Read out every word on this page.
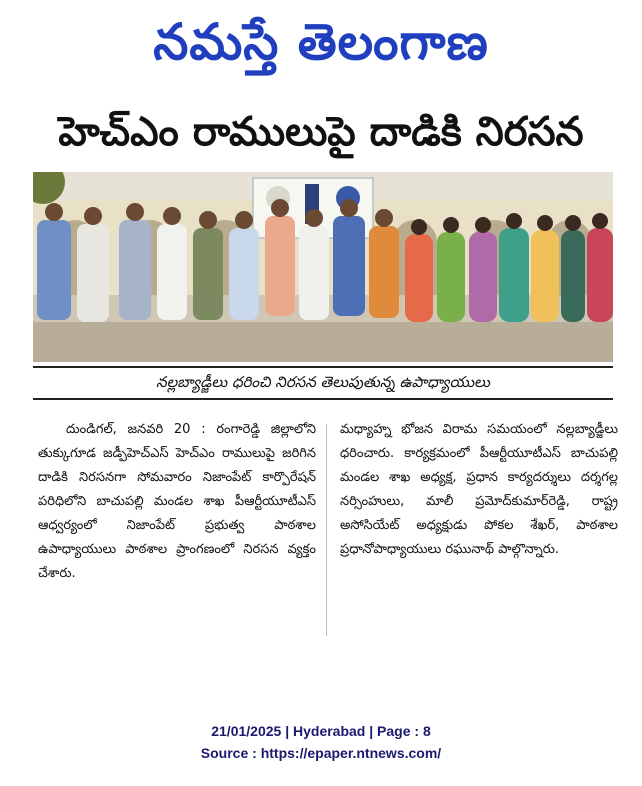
నమస్తే తెలంగాణ
హెచ్‌ఎం రాములుపై దాడికి నిరసన
నల్లబ్యాడ్జీలు ధరించి నిరసన తెలుపుతున్న ఉపాధ్యాయులు

దుండిగల్, జనవరి 20 : రంగారెడ్డి జిల్లాలోని తుక్కుగూడ జడ్పీహెచ్‌ఎస్ హెచ్‌ఎం రాములుపై జరిగిన దాడికి నిరసనగా సోమవారం నిజాంపేట్ కార్పొరేషన్ పరిధిలోని బాచుపల్లి మండల శాఖ పీఆర్టీయూటీఎస్ ఆధ్వర్యంలో నిజాంపేట్ ప్రభుత్వ పాఠశాల ఉపాధ్యాయులు పాఠశాల ప్రాంగణంలో నిరసన వ్యక్తం చేశారు.

మధ్యాహ్న భోజన విరామ సమయంలో నల్లబ్యాడ్జీలు ధరించారు. కార్యక్రమంలో పీఆర్టీయూటీఎస్ బాచుపల్లి మండల శాఖ అధ్యక్ష, ప్రధాన కార్యదర్శులు దర్శగల్ల నర్సింహులు, మాలీ ప్రమోద్‌కుమార్‌రెడ్డి, రాష్ట్ర అసోసియేట్ అధ్యక్షుడు పోకల శేఖర్, పాఠశాల ప్రధానోపాధ్యాయులు రఘునాథ్ పాల్గొన్నారు.

21/01/2025 | Hyderabad | Page : 8
Source : https://epaper.ntnews.com/
